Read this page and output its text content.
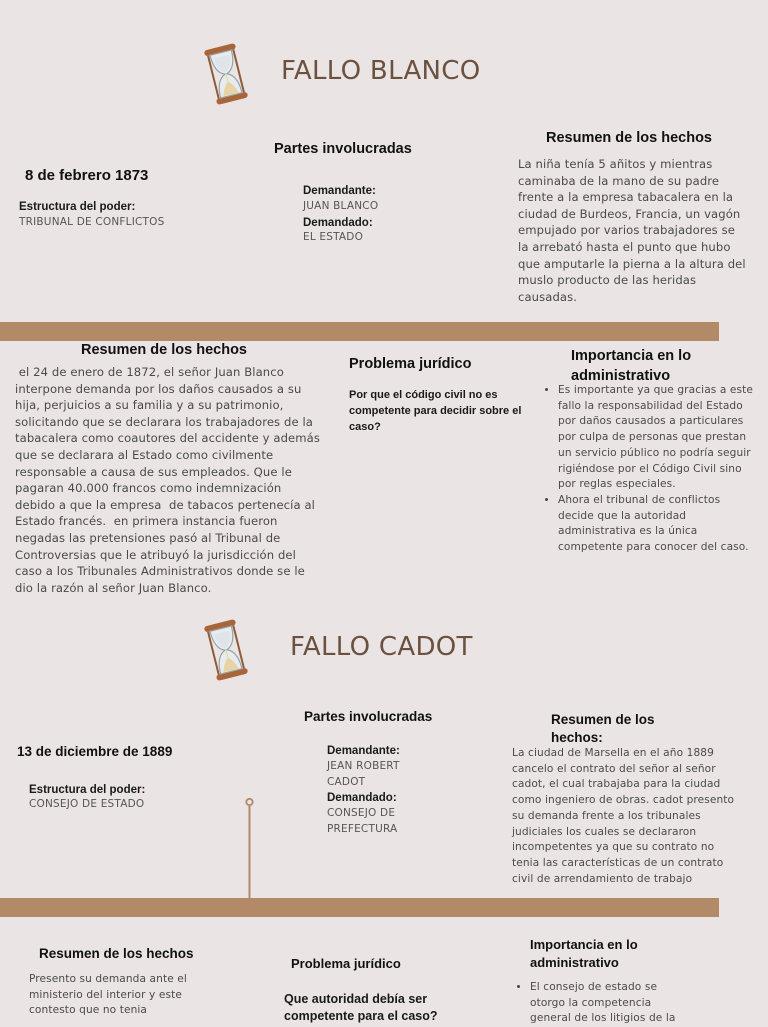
FALLO BLANCO
8 de febrero 1873
Estructura del poder:
TRIBUNAL DE CONFLICTOS
Partes involucradas
Demandante:
JUAN BLANCO
Demandado:
EL ESTADO
Resumen de los hechos
La niña tenía 5 añitos y mientras caminaba de la mano de su padre frente a la empresa tabacalera en la ciudad de Burdeos, Francia, un vagón empujado por varios trabajadores se la arrebató hasta el punto que hubo que amputarle la pierna a la altura del muslo producto de las heridas causadas.
Resumen de los hechos
el 24 de enero de 1872, el señor Juan Blanco interpone demanda por los daños causados a su hija, perjuicios a su familia y a su patrimonio, solicitando que se declarara los trabajadores de la tabacalera como coautores del accidente y además que se declarara al Estado como civilmente responsable a causa de sus empleados. Que le pagaran 40.000 francos como indemnización debido a que la empresa  de tabacos pertenecía al Estado francés.  en primera instancia fueron negadas las pretensiones pasó al Tribunal de Controversias que le atribuyó la jurisdicción del caso a los Tribunales Administrativos donde se le dio la razón al señor Juan Blanco.
Problema jurídico
Por que el código civil no es competente para decidir sobre el caso?
Importancia en lo administrativo
• Es importante ya que gracias a este fallo la responsabilidad del Estado por daños causados a particulares por culpa de personas que prestan un servicio público no podría seguir rigiéndose por el Código Civil sino por reglas especiales.
• Ahora el tribunal de conflictos decide que la autoridad administrativa es la única competente para conocer del caso.
FALLO CADOT
13 de diciembre de 1889
Estructura del poder:
CONSEJO DE ESTADO
Partes involucradas
Demandante:
JEAN ROBERT CADOT
Demandado:
CONSEJO DE PREFECTURA
Resumen de los hechos:
La ciudad de Marsella en el año 1889 cancelo el contrato del señor al señor cadot, el cual trabajaba para la ciudad como ingeniero de obras. cadot presento su demanda frente a los tribunales judiciales los cuales se declararon incompetentes ya que su contrato no tenia las características de un contrato civil de arrendamiento de trabajo
Resumen de los hechos
Presento su demanda ante el ministerio del interior y este contesto que no tenia
Problema jurídico
Que autoridad debía ser competente para el caso?
Importancia en lo administrativo
• El consejo de estado se otorgo la competencia general de los litigios de la
